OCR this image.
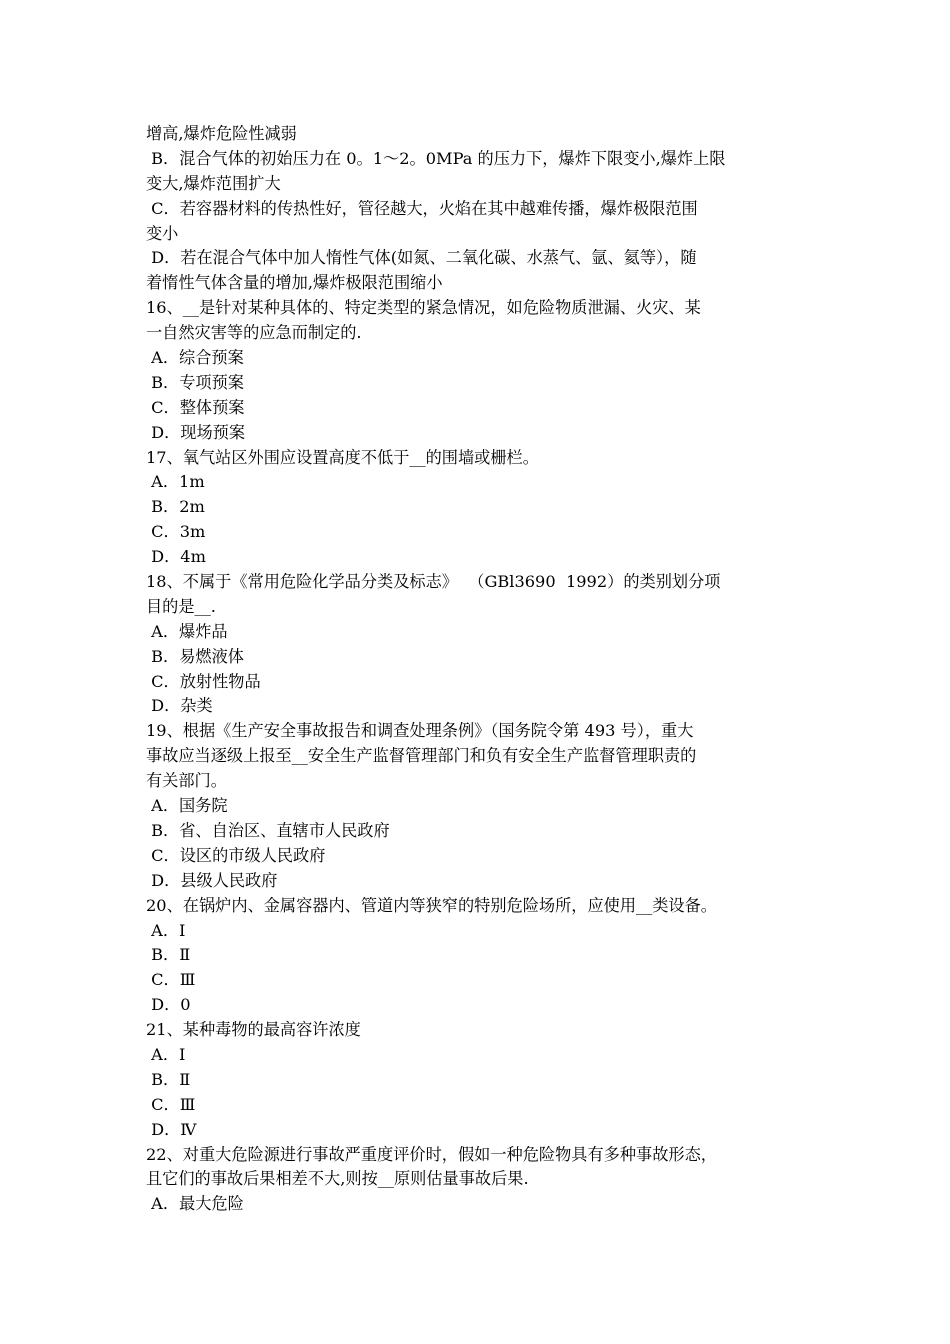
增高,爆炸危险性减弱
B．混合气体的初始压力在 0。1～2。0MPa 的压力下，爆炸下限变小,爆炸上限
变大,爆炸范围扩大
C．若容器材料的传热性好，管径越大，火焰在其中越难传播，爆炸极限范围
变小
D．若在混合气体中加人惰性气体(如氮、二氧化碳、水蒸气、氩、氦等），随
着惰性气体含量的增加,爆炸极限范围缩小
16、__是针对某种具体的、特定类型的紧急情况，如危险物质泄漏、火灾、某
一自然灾害等的应急而制定的.
A．综合预案
B．专项预案
C．整体预案
D．现场预案
17、氧气站区外围应设置高度不低于__的围墙或栅栏。
A．1m
B．2m
C．3m
D．4m
18、不属于《常用危险化学品分类及标志》  （GBl3690  1992）的类别划分项
目的是__.
A．爆炸品
B．易燃液体
C．放射性物品
D．杂类
19、根据《生产安全事故报告和调查处理条例》（国务院令第 493 号），重大
事故应当逐级上报至__安全生产监督管理部门和负有安全生产监督管理职责的
有关部门。
A．国务院
B．省、自治区、直辖市人民政府
C．设区的市级人民政府
D．县级人民政府
20、在锅炉内、金属容器内、管道内等狭窄的特别危险场所，应使用__类设备。
A．Ⅰ
B．Ⅱ
C．Ⅲ
D．0
21、某种毒物的最高容许浓度
A．Ⅰ
B．Ⅱ
C．Ⅲ
D．Ⅳ
22、对重大危险源进行事故严重度评价时，假如一种危险物具有多种事故形态，
且它们的事故后果相差不大,则按__原则估量事故后果.
A．最大危险
